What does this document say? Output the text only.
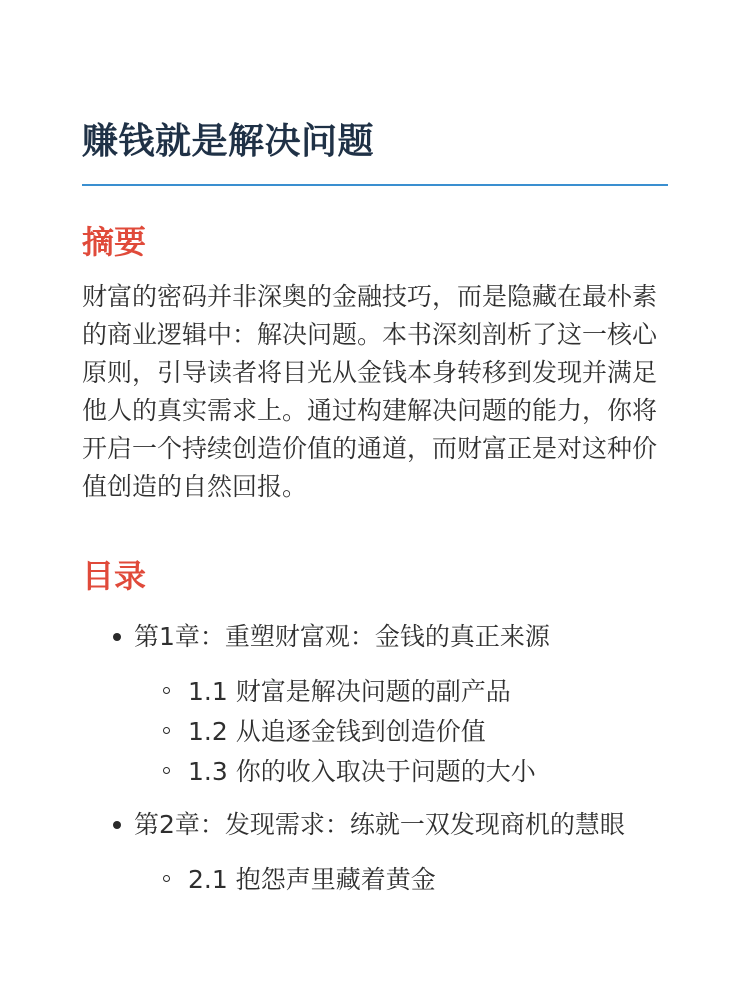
赚钱就是解决问题
摘要

财富的密码并非深奥的金融技巧，而是隐藏在最朴素的商业逻辑中：解决问题。本书深刻剖析了这一核心原则，引导读者将目光从金钱本身转移到发现并满足他人的真实需求上。通过构建解决问题的能力，你将开启一个持续创造价值的通道，而财富正是对这种价值创造的自然回报。

目录
第1章：重塑财富观：金钱的真正来源
1.1 财富是解决问题的副产品
1.2 从追逐金钱到创造价值
1.3 你的收入取决于问题的大小
第2章：发现需求：练就一双发现商机的慧眼
2.1 抱怨声里藏着黄金
